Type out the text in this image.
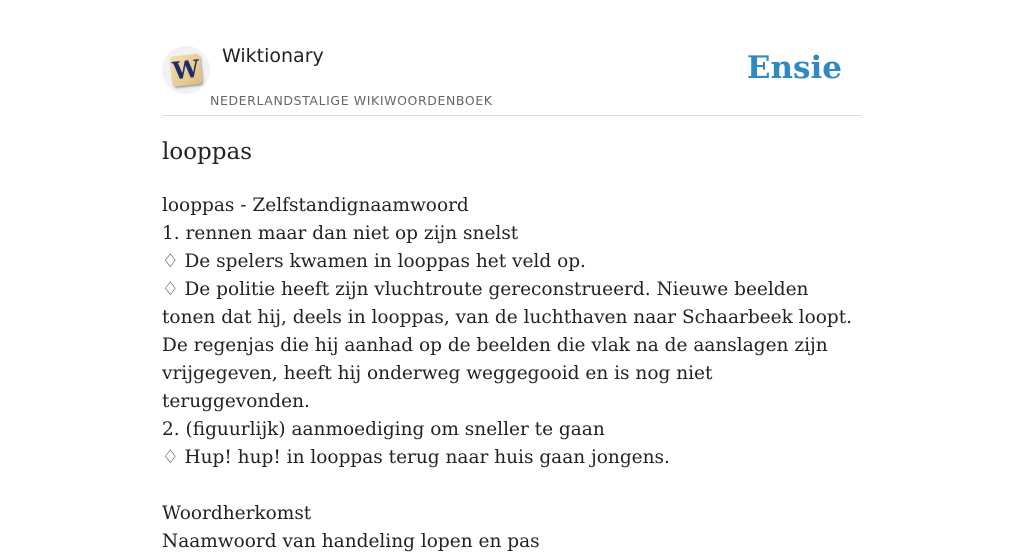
W Wiktionary
NEDERLANDSTALIGE WIKIWOORDENBOEK
Ensie
looppas
looppas - Zelfstandignaamwoord
1. rennen maar dan niet op zijn snelst
♢ De spelers kwamen in looppas het veld op.
♢ De politie heeft zijn vluchtroute gereconstrueerd. Nieuwe beelden tonen dat hij, deels in looppas, van de luchthaven naar Schaarbeek loopt. De regenjas die hij aanhad op de beelden die vlak na de aanslagen zijn vrijgegeven, heeft hij onderweg weggegooid en is nog niet teruggevonden.
2. (figuurlijk) aanmoediging om sneller te gaan
♢ Hup! hup! in looppas terug naar huis gaan jongens.
Woordherkomst
Naamwoord van handeling lopen en pas
